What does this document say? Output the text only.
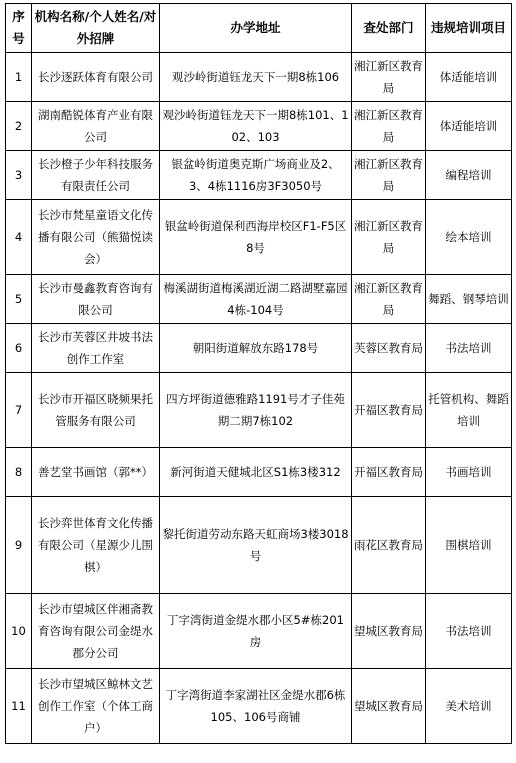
序号	机构名称/个人姓名/对外招牌	办学地址	查处部门	违规培训项目
1	长沙逐跃体育有限公司	观沙岭街道钰龙天下一期8栋106	湘江新区教育局	体适能培训
2	湖南酷锐体育产业有限公司	观沙岭街道钰龙天下一期8栋101、102、103	湘江新区教育局	体适能培训
3	长沙橙子少年科技服务有限责任公司	银盆岭街道奥克斯广场商业及2、3、4栋1116房3F3050号	湘江新区教育局	编程培训
4	长沙市梵星童语文化传播有限公司（熊猫悦读会）	银盆岭街道保利西海岸校区F1-F5区8号	湘江新区教育局	绘本培训
5	长沙市曼鑫教育咨询有限公司	梅溪湖街道梅溪湖近湖二路湖墅嘉园4栋-104号	湘江新区教育局	舞蹈、钢琴培训
6	长沙市芙蓉区井坡书法创作工作室	朝阳街道解放东路178号	芙蓉区教育局	书法培训
7	长沙市开福区晓频果托管服务有限公司	四方坪街道德雅路1191号才子佳苑期二期7栋102	开福区教育局	托管机构、舞蹈培训
8	善艺堂书画馆（郭**）	新河街道天健城北区S1栋3楼312	开福区教育局	书画培训
9	长沙弈世体育文化传播有限公司（星源少儿围棋）	黎托街道劳动东路天虹商场3楼3018号	雨花区教育局	围棋培训
10	长沙市望城区伴湘斋教育咨询有限公司金缇水郡分公司	丁字湾街道金缇水郡小区5#栋201房	望城区教育局	书法培训
11	长沙市望城区鲸林文艺创作工作室（个体工商户）	丁字湾街道李家湖社区金缇水郡6栋105、106号商铺	望城区教育局	美术培训
